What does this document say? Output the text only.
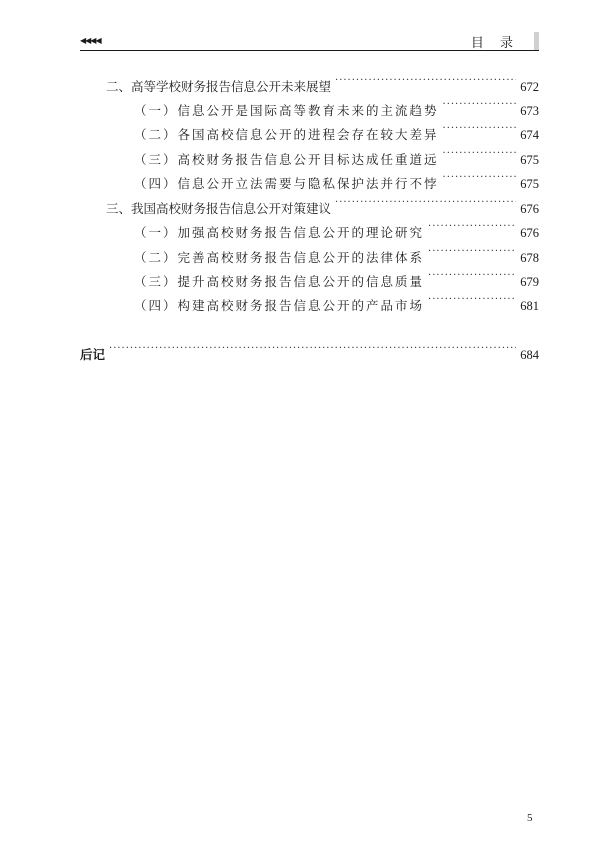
◀◀◀◀	目 录
二、高等学校财务报告信息公开未来展望 ·····	672
（一）信息公开是国际高等教育未来的主流趋势 ·····	673
（二）各国高校信息公开的进程会存在较大差异 ·····	674
（三）高校财务报告信息公开目标达成任重道远 ·····	675
（四）信息公开立法需要与隐私保护法并行不悖 ·····	675
三、我国高校财务报告信息公开对策建议 ·····	676
（一）加强高校财务报告信息公开的理论研究 ·····	676
（二）完善高校财务报告信息公开的法律体系 ·····	678
（三）提升高校财务报告信息公开的信息质量 ·····	679
（四）构建高校财务报告信息公开的产品市场 ·····	681
后记 ·····	684
5
